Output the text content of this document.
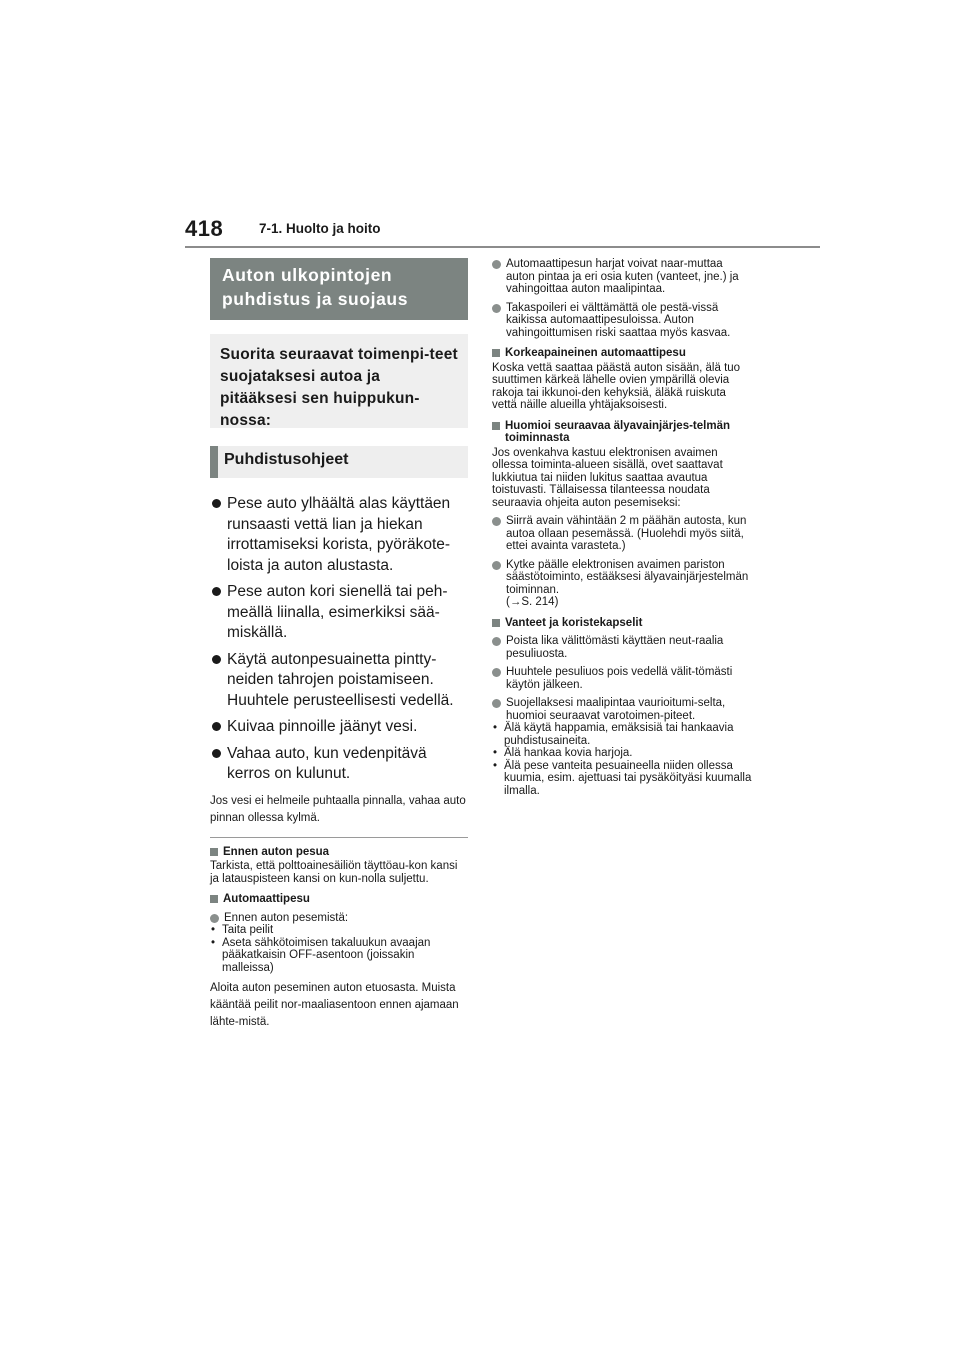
418	7-1. Huolto ja hoito
Auton ulkopintojen puhdistus ja suojaus
Suorita seuraavat toimenpi-teet suojataksesi autoa ja pitääksesi sen huippukun-nossa:
Puhdistusohjeet
Pese auto ylhäältä alas käyttäen runsaasti vettä lian ja hiekan irrottamiseksi korista, pyöräkote-loista ja auton alustasta.
Pese auton kori sienellä tai peh-meällä liinalla, esimerkiksi sää-miskällä.
Käytä autonpesuainetta pintty-neiden tahrojen poistamiseen. Huuhtele perusteellisesti vedellä.
Kuivaa pinnoille jäänyt vesi.
Vahaa auto, kun vedenpitävä kerros on kulunut.
Jos vesi ei helmeile puhtaalla pinnalla, vahaa auto pinnan ollessa kylmä.
Ennen auton pesua
Tarkista, että polttoainesäiliön täyttöau-kon kansi ja latauspisteen kansi on kun-nolla suljettu.
Automaattipesu
Ennen auton pesemistä:
• Taita peilit
• Aseta sähkötoimisen takaluukun avaajan pääkatkaisin OFF-asentoon (joissakin malleissa)
Aloita auton peseminen auton etuosasta. Muista kääntää peilit nor-maaliasentoon ennen ajamaan lähte-mistä.
Automaattipesun harjat voivat naar-muttaa auton pintaa ja eri osia kuten (vanteet, jne.) ja vahingoittaa auton maalipintaa.
Takaspoileri ei välttämättä ole pestä-vissä kaikissa automaattipesuloissa. Auton vahingoittumisen riski saattaa myös kasvaa.
Korkeapaineinen automaattipesu
Koska vettä saattaa päästä auton sisään, älä tuo suuttimen kärkeä lähelle ovien ympärillä olevia rakoja tai ikkunoi-den kehyksiä, äläkä ruiskuta vettä näille alueilla yhtäjaksoisesti.
Huomioi seuraavaa älyavainjärjes-telmän toiminnasta
Jos ovenkahva kastuu elektronisen avaimen ollessa toiminta-alueen sisällä, ovet saattavat lukkiutua tai niiden lukitus saattaa avautua toistuvasti. Tällaisessa tilanteessa noudata seuraavia ohjeita auton pesemiseksi:
Siirrä avain vähintään 2 m päähän autosta, kun autoa ollaan pesemässä. (Huolehdi myös siitä, ettei avainta varasteta.)
Kytke päälle elektronisen avaimen pariston säästötoiminto, estääksesi älyavainjärjestelmän toiminnan.
(→S. 214)
Vanteet ja koristekapselit
Poista lika välittömästi käyttäen neut-raalia pesuliuosta.
Huuhtele pesuliuos pois vedellä välit-tömästi käytön jälkeen.
Suojellaksesi maalipintaa vaurioitumi-selta, huomioi seuraavat varotoimen-piteet.
• Älä käytä happamia, emäksisiä tai hankaavia puhdistusaineita.
• Älä hankaa kovia harjoja.
• Älä pese vanteita pesuaineella niiden ollessa kuumia, esim. ajettuasi tai pysäköityäsi kuumalla ilmalla.
